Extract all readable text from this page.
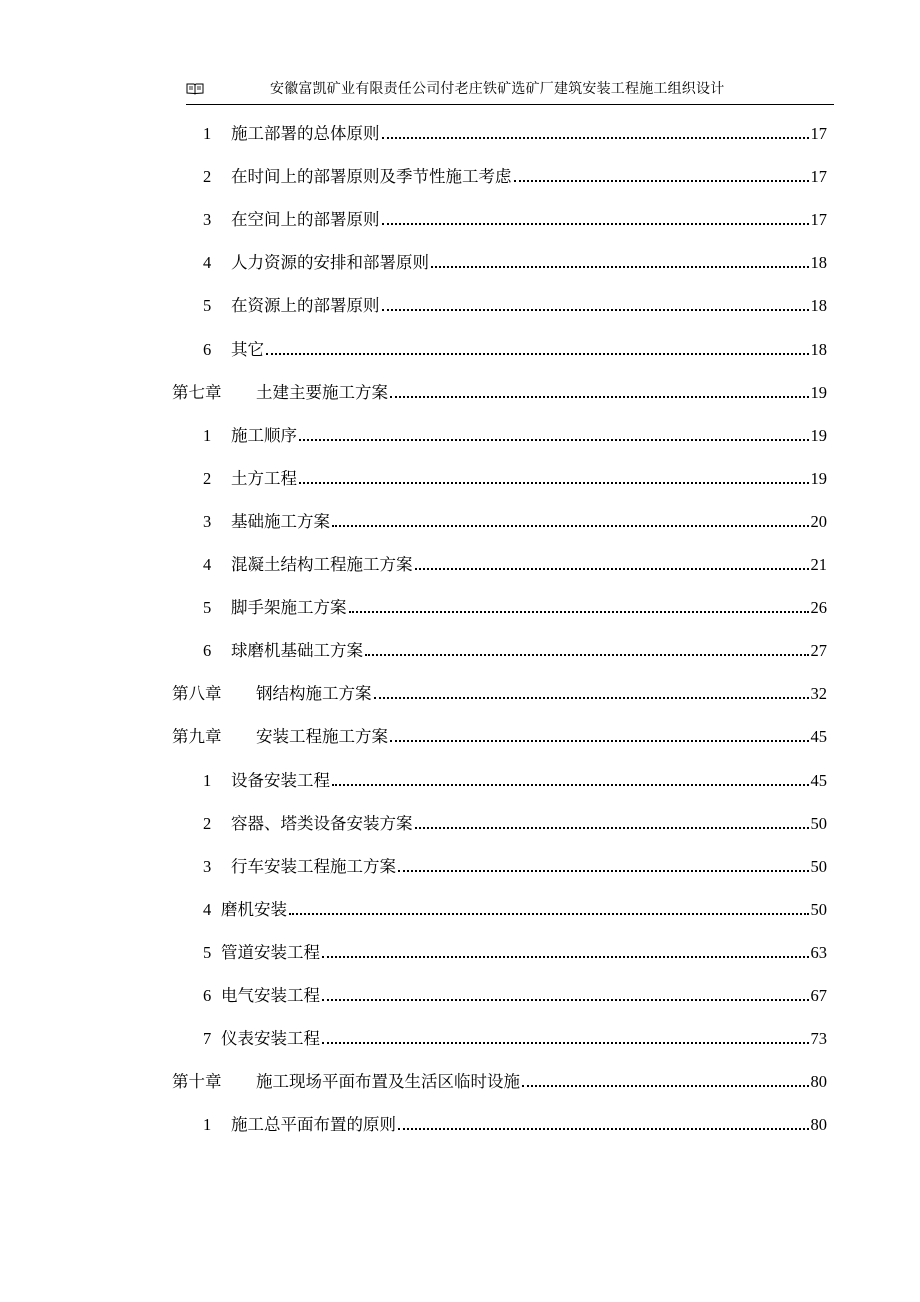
安徽富凯矿业有限责任公司付老庄铁矿选矿厂建筑安装工程施工组织设计
1	施工部署的总体原则	17
2	在时间上的部署原则及季节性施工考虑	17
3	在空间上的部署原则	17
4	人力资源的安排和部署原则	18
5	在资源上的部署原则	18
6	其它	18
第七章	土建主要施工方案	19
1	施工顺序	19
2	土方工程	19
3	基础施工方案	20
4	混凝土结构工程施工方案	21
5	脚手架施工方案	26
6	球磨机基础工方案	27
第八章	钢结构施工方案	32
第九章	安装工程施工方案	45
1	设备安装工程	45
2	容器、塔类设备安装方案	50
3	行车安装工程施工方案	50
4 磨机安装	50
5 管道安装工程	63
6 电气安装工程	67
7 仪表安装工程	73
第十章	施工现场平面布置及生活区临时设施	80
1	施工总平面布置的原则	80
